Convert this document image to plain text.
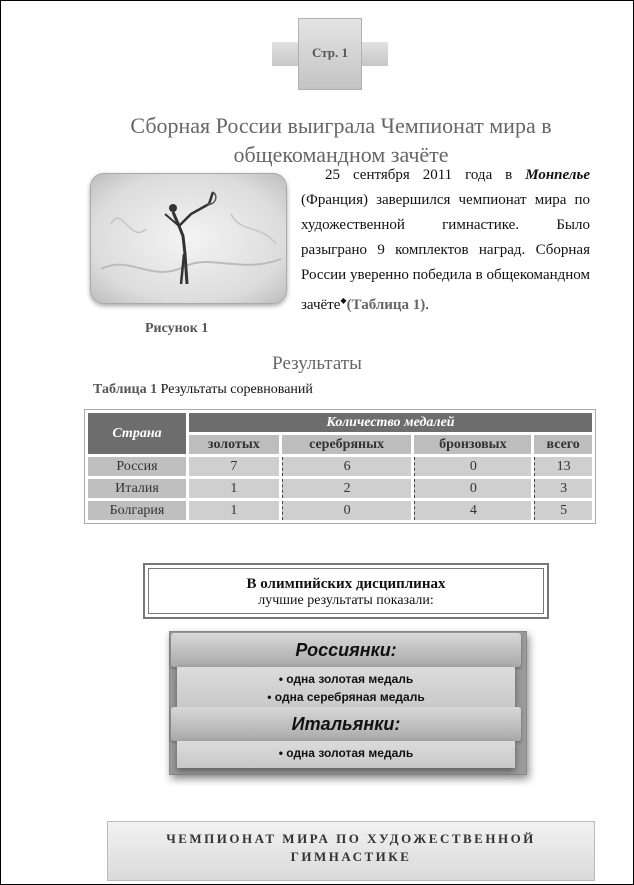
Стр. 1
Сборная России выиграла Чемпионат мира в общекомандном зачёте
Рисунок 1
25 сентября 2011 года в Монпелье (Франция) завершился чемпионат мира по художественной гимнастике. Было разыграно 9 комплектов наград. Сборная России уверенно победила в общекомандном зачёте◆(Таблица 1).
Результаты
Таблица 1 Результаты соревнований
Страна	Количество медалей			
	золотых	серебряных	бронзовых	всего
Россия	7	6	0	13
Италия	1	2	0	3
Болгария	1	0	4	5
В олимпийских дисциплинах
лучшие результаты показали:
Россиянки:
• одна золотая медаль
• одна серебряная медаль
Итальянки:
• одна золотая медаль
ЧЕМПИОНАТ МИРА ПО ХУДОЖЕСТВЕННОЙ ГИМНАСТИКЕ
